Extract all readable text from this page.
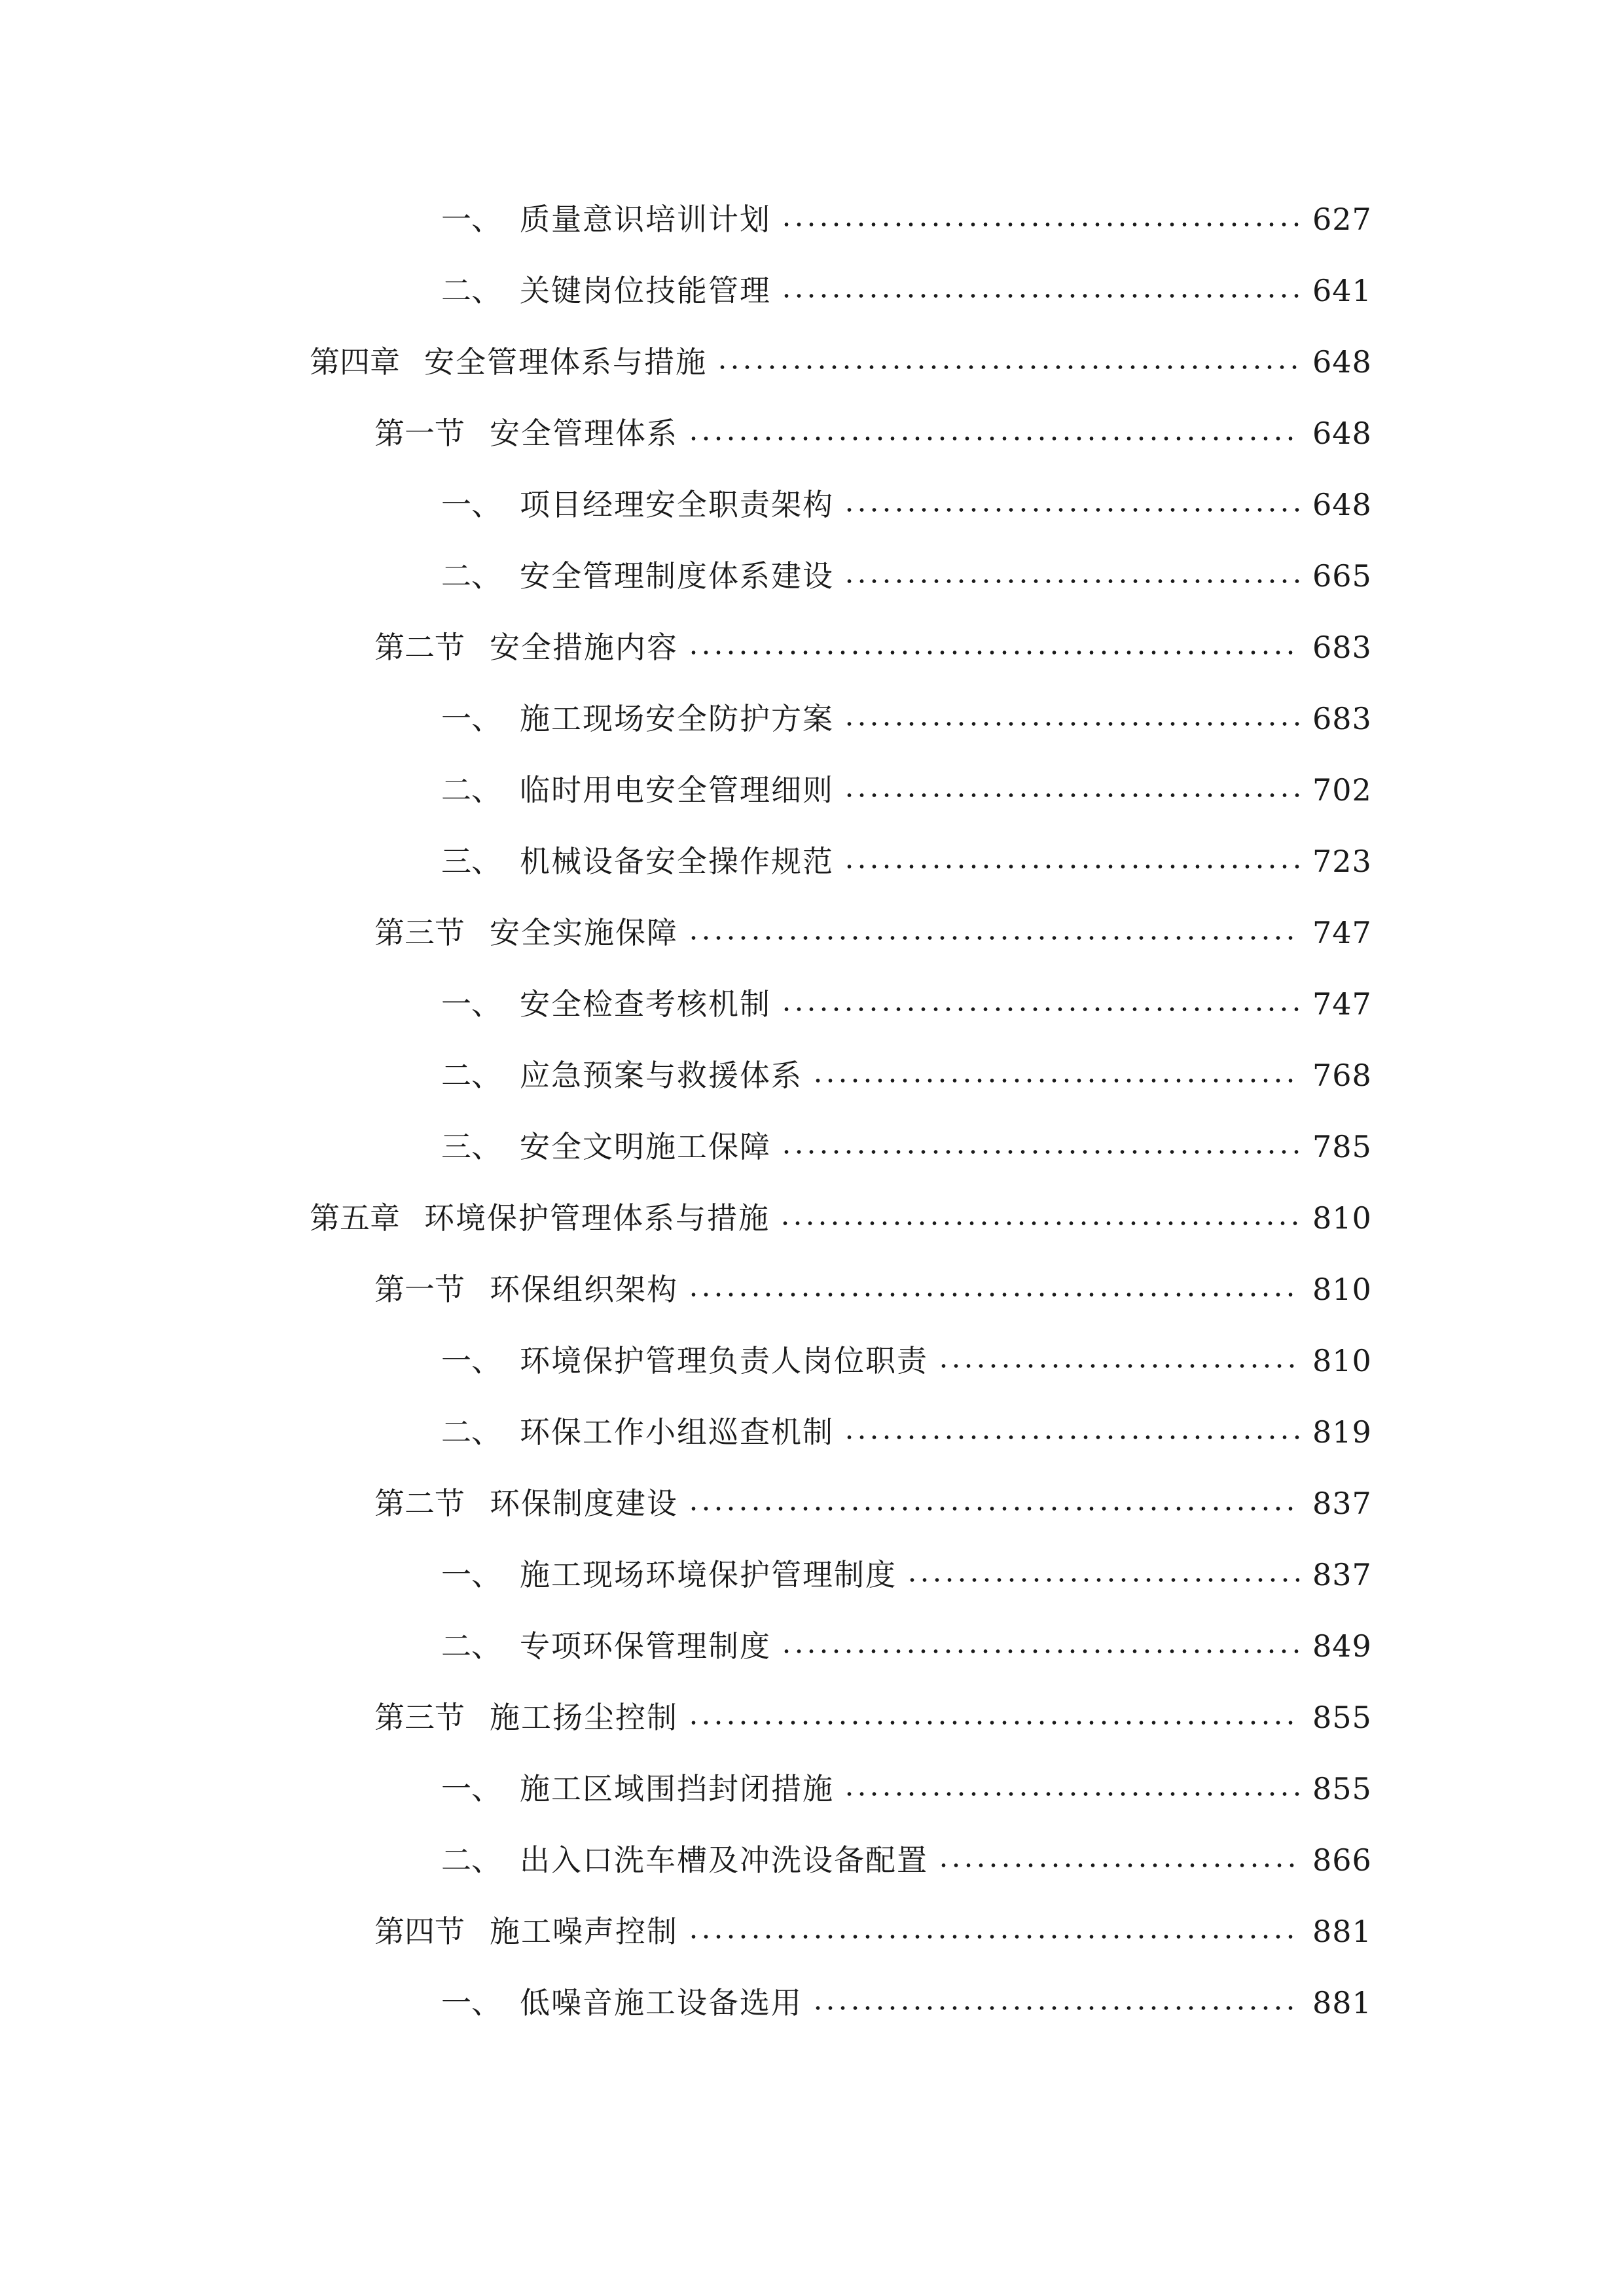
一、 质量意识培训计划	627
二、 关键岗位技能管理	641
第四章 安全管理体系与措施	648
第一节 安全管理体系	648
一、 项目经理安全职责架构	648
二、 安全管理制度体系建设	665
第二节 安全措施内容	683
一、 施工现场安全防护方案	683
二、 临时用电安全管理细则	702
三、 机械设备安全操作规范	723
第三节 安全实施保障	747
一、 安全检查考核机制	747
二、 应急预案与救援体系	768
三、 安全文明施工保障	785
第五章 环境保护管理体系与措施	810
第一节 环保组织架构	810
一、 环境保护管理负责人岗位职责	810
二、 环保工作小组巡查机制	819
第二节 环保制度建设	837
一、 施工现场环境保护管理制度	837
二、 专项环保管理制度	849
第三节 施工扬尘控制	855
一、 施工区域围挡封闭措施	855
二、 出入口洗车槽及冲洗设备配置	866
第四节 施工噪声控制	881
一、 低噪音施工设备选用	881
